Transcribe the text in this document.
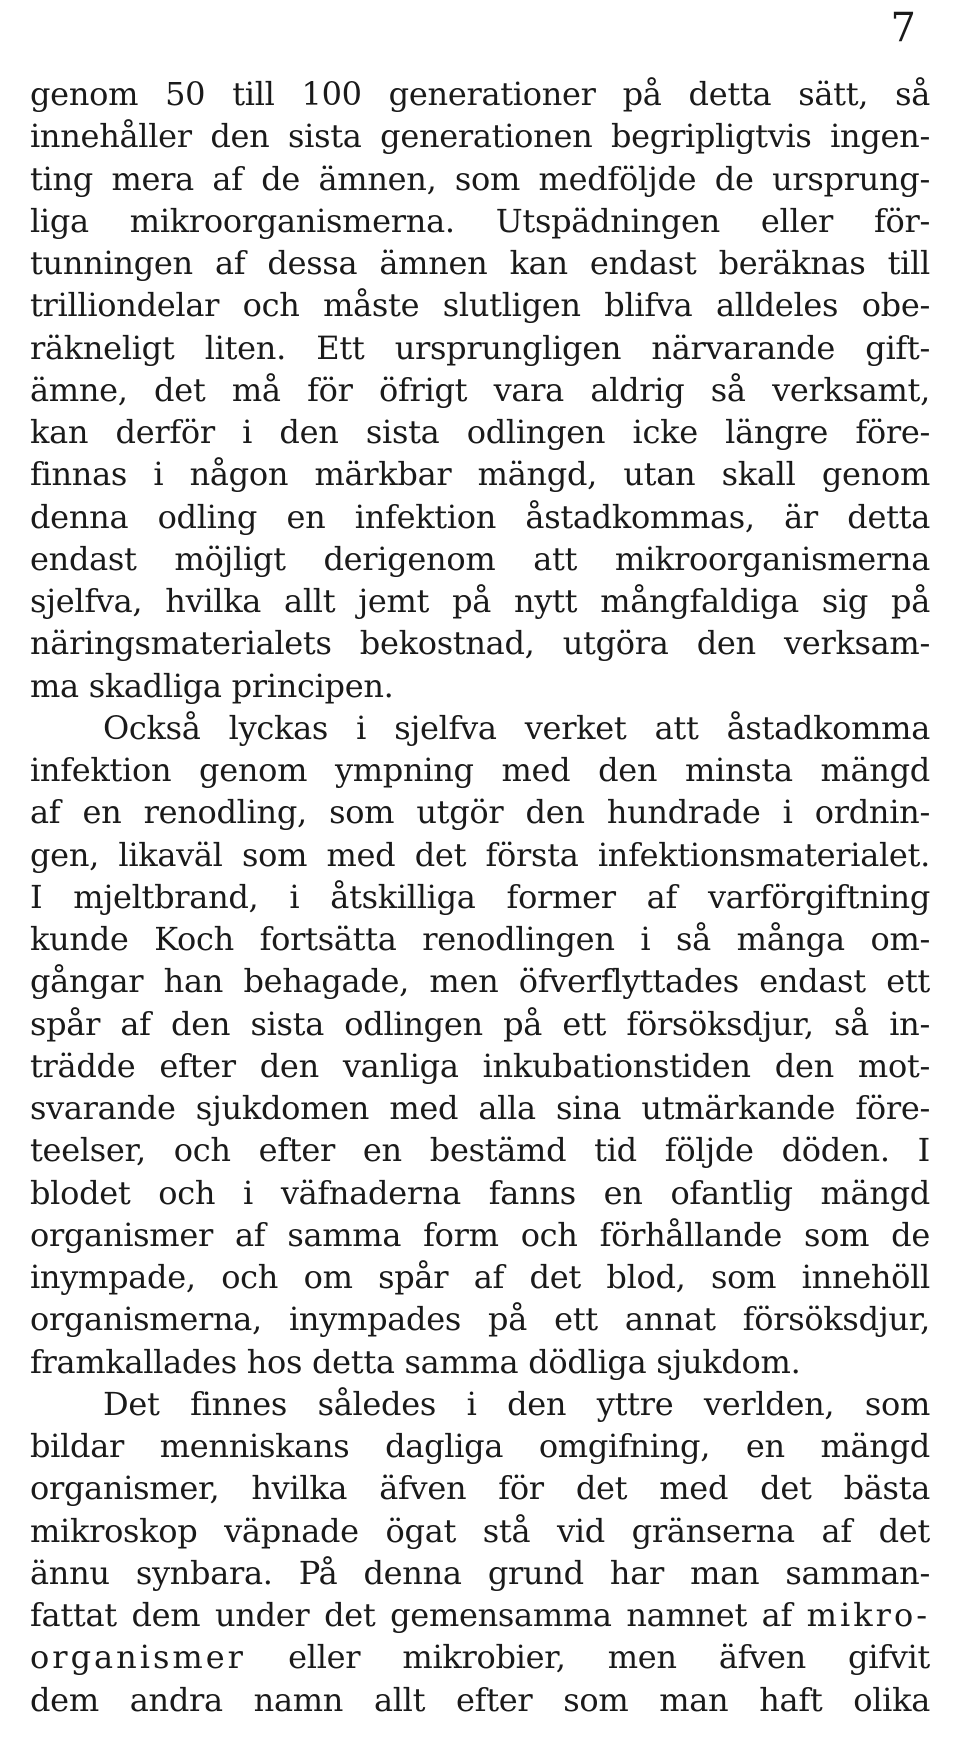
7
genom 50 till 100 generationer på detta sätt, så
innehåller den sista generationen begripligtvis ingen-
ting mera af de ämnen, som medföljde de ursprung-
liga mikroorganismerna. Utspädningen eller för-
tunningen af dessa ämnen kan endast beräknas till
trilliondelar och måste slutligen blifva alldeles obe-
räkneligt liten. Ett ursprungligen närvarande gift-
ämne, det må för öfrigt vara aldrig så verksamt,
kan derför i den sista odlingen icke längre före-
finnas i någon märkbar mängd, utan skall genom
denna odling en infektion åstadkommas, är detta
endast möjligt derigenom att mikroorganismerna
sjelfva, hvilka allt jemt på nytt mångfaldiga sig på
näringsmaterialets bekostnad, utgöra den verksam-
ma skadliga principen.
Också lyckas i sjelfva verket att åstadkomma
infektion genom ympning med den minsta mängd
af en renodling, som utgör den hundrade i ordnin-
gen, likaväl som med det första infektionsmaterialet.
I mjeltbrand, i åtskilliga former af varförgiftning
kunde Koch fortsätta renodlingen i så många om-
gångar han behagade, men öfverflyttades endast ett
spår af den sista odlingen på ett försöksdjur, så in-
trädde efter den vanliga inkubationstiden den mot-
svarande sjukdomen med alla sina utmärkande före-
teelser, och efter en bestämd tid följde döden. I
blodet och i väfnaderna fanns en ofantlig mängd
organismer af samma form och förhållande som de
inympade, och om spår af det blod, som innehöll
organismerna, inympades på ett annat försöksdjur,
framkallades hos detta samma dödliga sjukdom.
Det finnes således i den yttre verlden, som
bildar menniskans dagliga omgifning, en mängd
organismer, hvilka äfven för det med det bästa
mikroskop väpnade ögat stå vid gränserna af det
ännu synbara. På denna grund har man samman-
fattat dem under det gemensamma namnet af mikro-
organismer eller mikrobier, men äfven gifvit
dem andra namn allt efter som man haft olika
